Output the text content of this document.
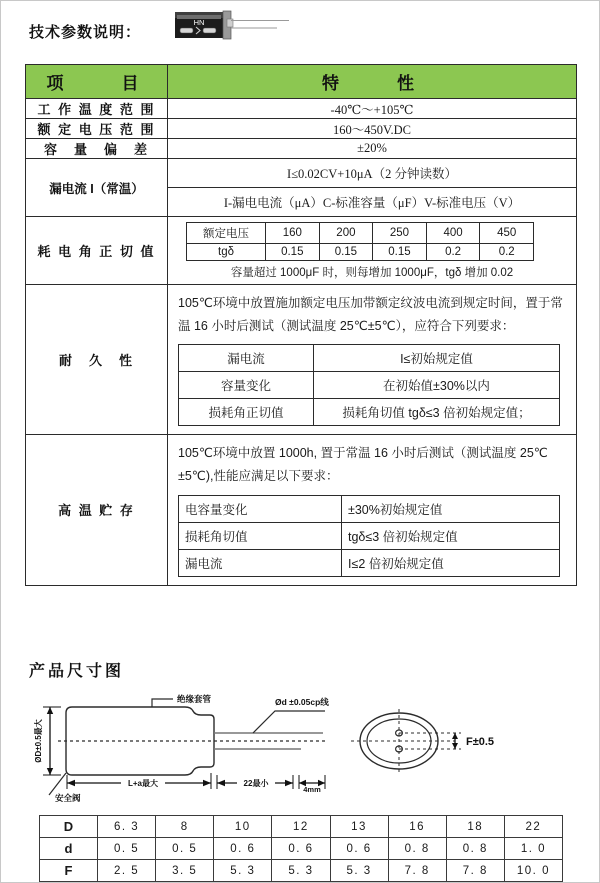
技术参数说明：
HN
项　　目	特　　性
工 作 温 度 范 围	-40℃～+105℃
额 定 电 压 范 围	160～450V.DC
容　量　偏　差	±20%
漏电流 I（常温）	
I≤0.02CV+10μA（2 分钟读数）
I-漏电电流（μA）C-标准容量（μF）V-标准电压（V）

耗 电 角 正 切 值	
额定电压	160	200	250	400	450
tgδ	0.15	0.15	0.15	0.2	0.2
容量超过 1000μF 时，则每增加 1000μF，tgδ 增加 0.02

耐　久　性	
105℃环境中放置施加额定电压加带额定纹波电流到规定时间，置于常温 16 小时后测试（测试温度 25℃±5℃），应符合下列要求：
漏电流	I≤初始规定值
容量变化	在初始值±30%以内
损耗角正切值	损耗角切值 tgδ≤3 倍初始规定值；

高 温 贮 存	
105℃环境中放置 1000h, 置于常温 16 小时后测试（测试温度 25℃±5℃),性能应满足以下要求：
电容量变化	±30%初始规定值
损耗角切值	tgδ≤3 倍初始规定值
漏电流	I≤2 倍初始规定值
产品尺寸图
ØD±0.5最大
绝缘套管	Ød ±0.05cp线
安全阀
L+a最大	22最小
4mm
F±0.5
D	6. 3	8	10	12	13	16	18	22
d	0. 5	0. 5	0. 6	0. 6	0. 6	0. 8	0. 8	1. 0
F	2. 5	3. 5	5. 3	5. 3	5. 3	7. 8	7. 8	10. 0
